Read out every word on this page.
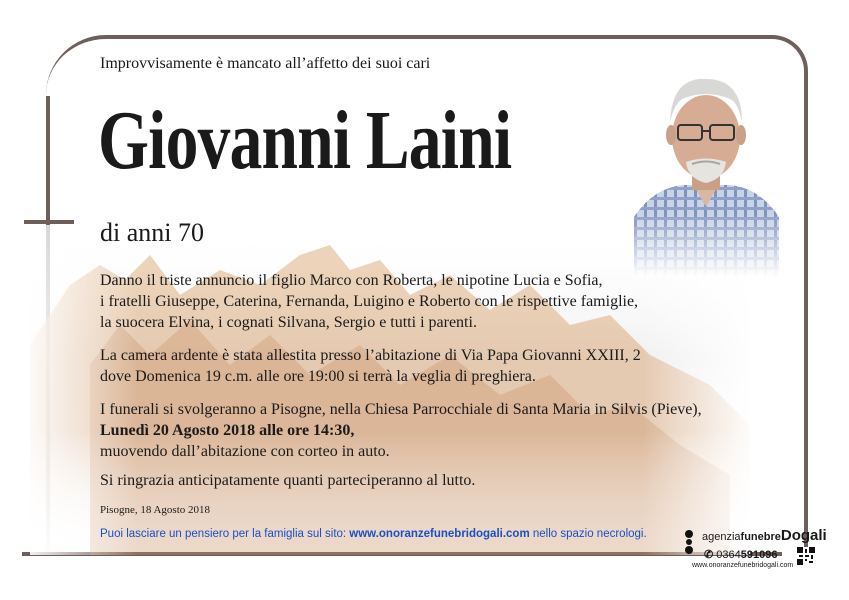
Improvvisamente è mancato all’affetto dei suoi cari
Giovanni Laini
di anni 70
Danno il triste annuncio il figlio Marco con Roberta, le nipotine Lucia e Sofia,
i fratelli Giuseppe, Caterina, Fernanda, Luigino e Roberto con le rispettive famiglie,
la suocera Elvina, i cognati Silvana, Sergio e tutti i parenti.
La camera ardente è stata allestita presso l’abitazione di Via Papa Giovanni XXIII, 2
dove Domenica 19 c.m. alle ore 19:00 si terrà la veglia di preghiera.
I funerali si svolgeranno a Pisogne, nella Chiesa Parrocchiale di Santa Maria in Silvis (Pieve),
Lunedì 20 Agosto 2018 alle ore 14:30,
muovendo dall’abitazione con corteo in auto.
Si ringrazia anticipatamente quanti parteciperanno al lutto.
Pisogne, 18 Agosto 2018
Puoi lasciare un pensiero per la famiglia sul sito: www.onoranzefunebridogali.com nello spazio necrologi.	agenziafunebreDogali
✆ 0364591096
www.onoranzefunebridogali.com
